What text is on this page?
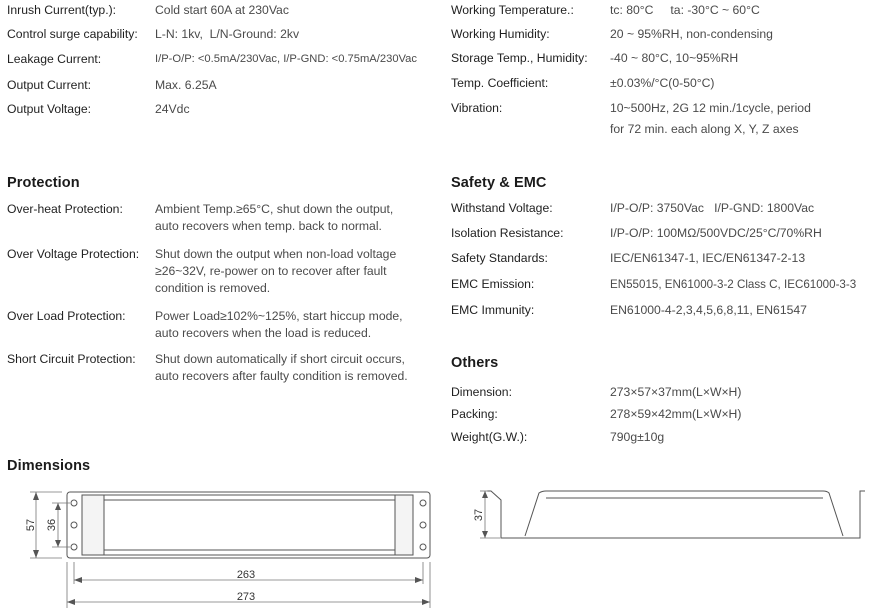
Working Temperature.:	tc: 80°C     ta: -30°C ~ 60°C
Working Humidity:	20 ~ 95%RH, non-condensing
Storage Temp., Humidity: -40 ~ 80°C, 10~95%RH
Temp. Coefficient:	±0.03%/°C(0-50°C)
Vibration:	10~500Hz, 2G 12 min./1cycle, period
for 72 min. each along X, Y, Z axes
Inrush Current(typ.):	Cold start 60A at 230Vac
Control surge capability: L-N: 1kv,  L/N-Ground: 2kv
Leakage Current:	I/P-O/P: <0.5mA/230Vac, I/P-GND: <0.75mA/230Vac
Output Current:	Max. 6.25A
Output Voltage:	24Vdc
Protection
Over-heat Protection:	Ambient Temp.≥65°C, shut down the output,
auto recovers when temp. back to normal.
Over Voltage Protection: Shut down the output when non-load voltage
≥26~32V, re-power on to recover after fault
condition is removed.
Over Load Protection: Power Load≥102%~125%, start hiccup mode,
auto recovers when the load is reduced.
Short Circuit Protection: Shut down automatically if short circuit occurs,
auto recovers after faulty condition is removed.
Safety & EMC
Withstand Voltage:	I/P-O/P: 3750Vac   I/P-GND: 1800Vac
Isolation Resistance:	I/P-O/P: 100MΩ/500VDC/25°C/70%RH
Safety Standards:	IEC/EN61347-1, IEC/EN61347-2-13
EMC Emission:	EN55015, EN61000-3-2 Class C, IEC61000-3-3
EMC Immunity:	EN61000-4-2,3,4,5,6,8,11, EN61547
Others
Dimension:	273×57×37mm(L×W×H)
Packing:	278×59×42mm(L×W×H)
Weight(G.W.):	790g±10g
Dimensions
57 36
263
273
37
